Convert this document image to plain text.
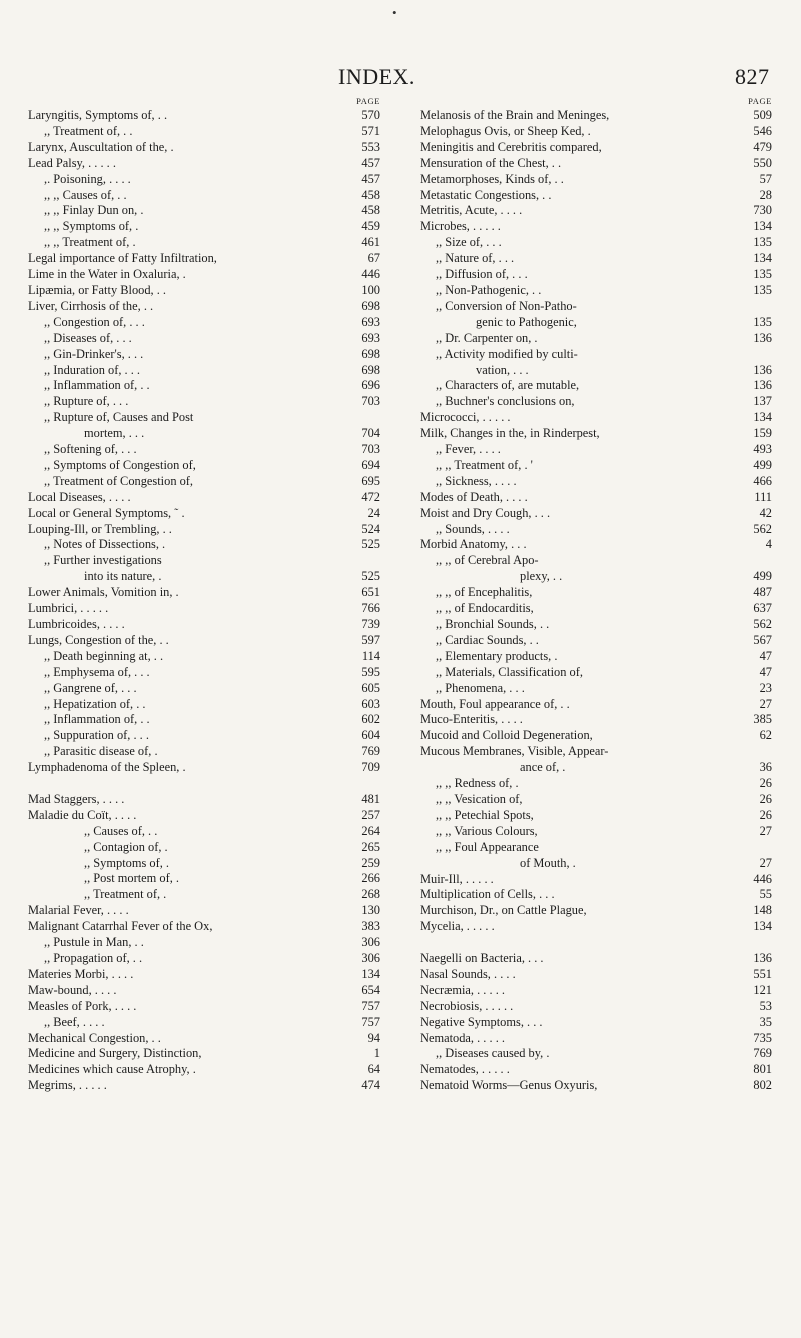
•
INDEX.	827
PAGE
Laryngitis, Symptoms of, . .	570
,, Treatment of, . .	571
Larynx, Auscultation of the, .	553
Lead Palsy, . . . . .	457
,. Poisoning, . . . .	457
,, ,, Causes of, . .	458
,, ,, Finlay Dun on, .	458
,, ,, Symptoms of, .	459
,, ,, Treatment of, .	461
Legal importance of Fatty Infiltration,	67
Lime in the Water in Oxaluria, .	446
Lipæmia, or Fatty Blood, . .	100
Liver, Cirrhosis of the, . .	698
,, Congestion of, . . .	693
,, Diseases of, . . .	693
,, Gin-Drinker's, . . .	698
,, Induration of, . . .	698
,, Inflammation of, . .	696
,, Rupture of, . . .	703
,, Rupture of, Causes and Post
mortem, . . .	704
,, Softening of, . . .	703
,, Symptoms of Congestion of,	694
,, Treatment of Congestion of,	695
Local Diseases, . . . .	472
Local or General Symptoms, ˜ .	24
Louping-Ill, or Trembling, . .	524
,, Notes of Dissections, .	525
,, Further investigations
into its nature, .	525
Lower Animals, Vomition in, .	651
Lumbrici, . . . . .	766
Lumbricoides, . . . .	739
Lungs, Congestion of the, . .	597
,, Death beginning at, . .	114
,, Emphysema of, . . .	595
,, Gangrene of, . . .	605
,, Hepatization of, . .	603
,, Inflammation of, . .	602
,, Suppuration of, . . .	604
,, Parasitic disease of, .	769
Lymphadenoma of the Spleen, .	709
Mad Staggers, . . . .	481
Maladie du Coït, . . . .	257
,, Causes of, . .	264
,, Contagion of, .	265
,, Symptoms of, .	259
,, Post mortem of, .	266
,, Treatment of, .	268
Malarial Fever, . . . .	130
Malignant Catarrhal Fever of the Ox,	383
,, Pustule in Man, . .	306
,, Propagation of, . .	306
Materies Morbi, . . . .	134
Maw-bound, . . . .	654
Measles of Pork, . . . .	757
,, Beef, . . . .	757
Mechanical Congestion, . .	94
Medicine and Surgery, Distinction,	1
Medicines which cause Atrophy, .	64
Megrims, . . . . .	474
PAGE
Melanosis of the Brain and Meninges,	509
Melophagus Ovis, or Sheep Ked, .	546
Meningitis and Cerebritis compared,	479
Mensuration of the Chest, . .	550
Metamorphoses, Kinds of, . .	57
Metastatic Congestions, . .	28
Metritis, Acute, . . . .	730
Microbes, . . . . .	134
,, Size of, . . .	135
,, Nature of, . . .	134
,, Diffusion of, . . .	135
,, Non-Pathogenic, . .	135
,, Conversion of Non-Patho-
genic to Pathogenic,	135
,, Dr. Carpenter on, .	136
,, Activity modified by culti-
vation, . . .	136
,, Characters of, are mutable,	136
,, Buchner's conclusions on,	137
Micrococci, . . . . .	134
Milk, Changes in the, in Rinderpest,	159
,, Fever, . . . .	493
,, ,, Treatment of, . '	499
,, Sickness, . . . .	466
Modes of Death, . . . .	111
Moist and Dry Cough, . . .	42
,, Sounds, . . . .	562
Morbid Anatomy, . . .	4
,, ,, of Cerebral Apo-
plexy, . .	499
,, ,, of Encephalitis,	487
,, ,, of Endocarditis,	637
,, Bronchial Sounds, . .	562
,, Cardiac Sounds, . .	567
,, Elementary products, .	47
,, Materials, Classification of,	47
,, Phenomena, . . .	23
Mouth, Foul appearance of, . .	27
Muco-Enteritis, . . . .	385
Mucoid and Colloid Degeneration,	62
Mucous Membranes, Visible, Appear-
ance of, .	36
,, ,, Redness of, .	26
,, ,, Vesication of,	26
,, ,, Petechial Spots,	26
,, ,, Various Colours,	27
,, ,, Foul Appearance
of Mouth, .	27
Muir-Ill, . . . . .	446
Multiplication of Cells, . . .	55
Murchison, Dr., on Cattle Plague,	148
Mycelia, . . . . .	134
Naegelli on Bacteria, . . .	136
Nasal Sounds, . . . .	551
Necræmia, . . . . .	121
Necrobiosis, . . . . .	53
Negative Symptoms, . . .	35
Nematoda, . . . . .	735
,, Diseases caused by, .	769
Nematodes, . . . . .	801
Nematoid Worms—Genus Oxyuris,	802
